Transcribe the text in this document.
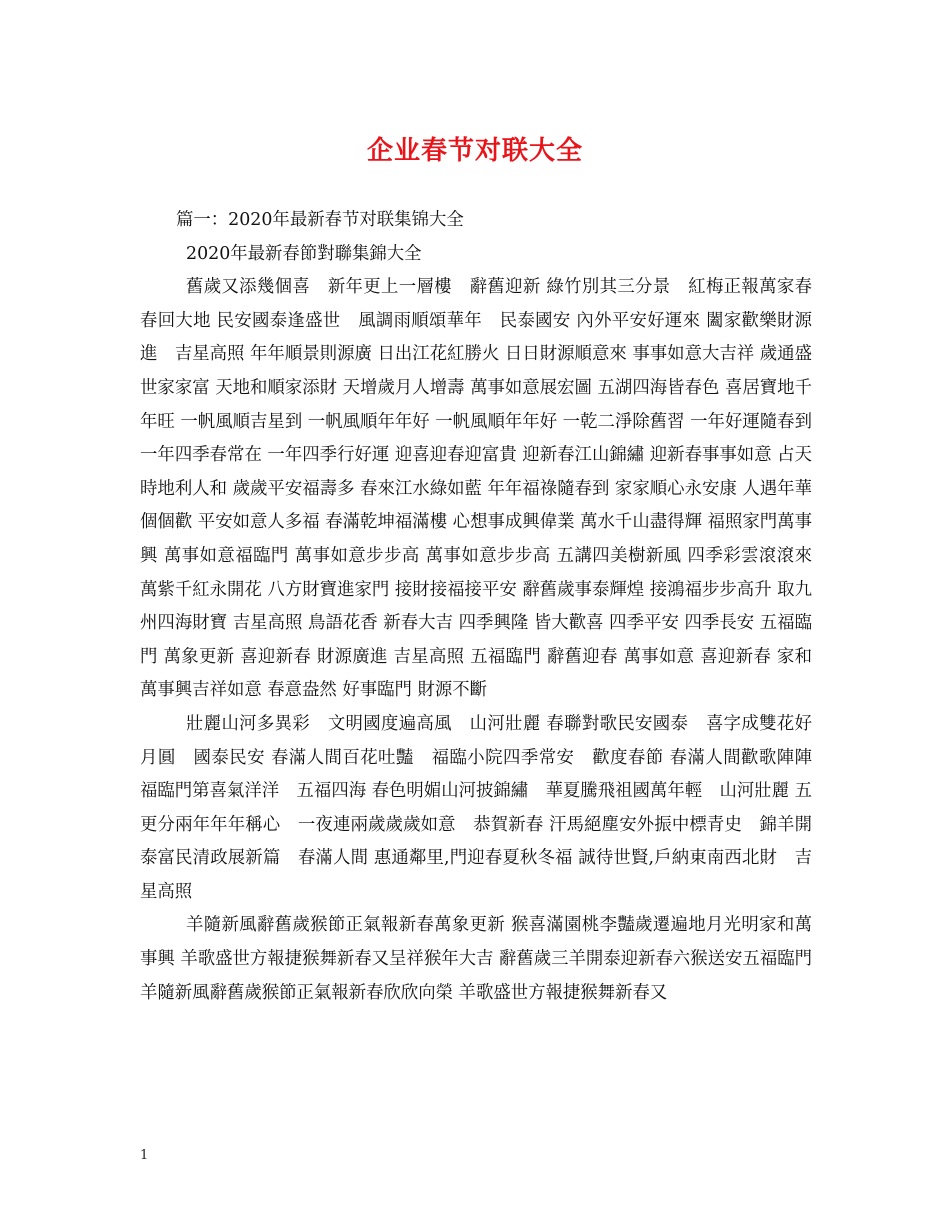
企业春节对联大全

篇一：2020年最新春节对联集锦大全

2020年最新春節對聯集錦大全

舊歲又添幾個喜　新年更上一層樓　辭舊迎新 綠竹別其三分景　紅梅正報萬家春　春回大地 民安國泰逢盛世　風調雨順頌華年　民泰國安 內外平安好運來 闔家歡樂財源進　吉星高照 年年順景則源廣 日出江花紅勝火 日日財源順意來 事事如意大吉祥 歲通盛世家家富 天地和順家添財 天增歲月人增壽 萬事如意展宏圖 五湖四海皆春色 喜居寶地千年旺 一帆風順吉星到 一帆風順年年好 一帆風順年年好 一乾二淨除舊習 一年好運隨春到 一年四季春常在 一年四季行好運 迎喜迎春迎富貴 迎新春江山錦繡 迎新春事事如意 占天時地利人和 歲歲平安福壽多 春來江水綠如藍 年年福祿隨春到 家家順心永安康 人遇年華個個歡 平安如意人多福 春滿乾坤福滿樓 心想事成興偉業 萬水千山盡得輝 福照家門萬事興 萬事如意福臨門 萬事如意步步高 萬事如意步步高 五講四美樹新風 四季彩雲滾滾來 萬紫千紅永開花 八方財寶進家門 接財接福接平安 辭舊歲事泰輝煌 接鴻福步步高升 取九州四海財寶 吉星高照 鳥語花香 新春大吉 四季興隆 皆大歡喜 四季平安 四季長安 五福臨門 萬象更新 喜迎新春 財源廣進 吉星高照 五福臨門 辭舊迎春 萬事如意 喜迎新春 家和萬事興吉祥如意 春意盎然 好事臨門 財源不斷

壯麗山河多異彩　文明國度遍高風　山河壯麗 春聯對歌民安國泰　喜字成雙花好月圓　國泰民安 春滿人間百花吐豔　福臨小院四季常安　歡度春節 春滿人間歡歌陣陣　福臨門第喜氣洋洋　五福四海 春色明媚山河披錦繡　華夏騰飛祖國萬年輕　山河壯麗 五更分兩年年年稱心　一夜連兩歲歲歲如意　恭賀新春 汗馬絕塵安外振中標青史　錦羊開泰富民清政展新篇　春滿人間 惠通鄰里,門迎春夏秋冬福 誠待世賢,戶納東南西北財　吉星高照

羊隨新風辭舊歲猴節正氣報新春萬象更新 猴喜滿園桃李豔歲遷遍地月光明家和萬事興 羊歌盛世方報捷猴舞新春又呈祥猴年大吉 辭舊歲三羊開泰迎新春六猴送安五福臨門 羊隨新風辭舊歲猴節正氣報新春欣欣向榮 羊歌盛世方報捷猴舞新春又

1
